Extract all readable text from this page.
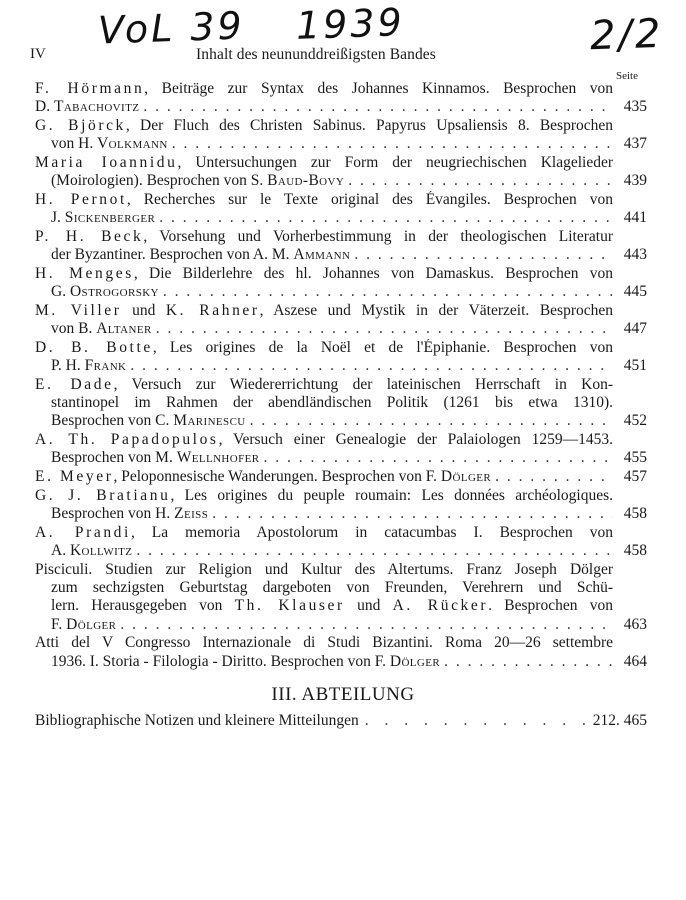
VoL 39 1939	2/2
IV	Inhalt des neununddreißigsten Bandes
Seite
F. Hörmann, Beiträge zur Syntax des Johannes Kinnamos. Besprochen von
D. Tabachovitz . . .	435
G. Björck, Der Fluch des Christen Sabinus. Papyrus Upsaliensis 8. Besprochen
von H. Volkmann . . .	437
Maria Ioannidu, Untersuchungen zur Form der neugriechischen Klagelieder
(Moirologien). Besprochen von S. Baud-Bovy . . .	439
H. Pernot, Recherches sur le Texte original des Évangiles. Besprochen von
J. Sickenberger . . .	441
P. H. Beck, Vorsehung und Vorherbestimmung in der theologischen Literatur
der Byzantiner. Besprochen von A. M. Ammann . . .	443
H. Menges, Die Bilderlehre des hl. Johannes von Damaskus. Besprochen von
G. Ostrogorsky . . .	445
M. Viller und K. Rahner, Aszese und Mystik in der Väterzeit. Besprochen
von B. Altaner . . .	447
D. B. Botte, Les origines de la Noël et de l'Épiphanie. Besprochen von
P. H. Frank . . .	451
E. Dade, Versuch zur Wiedererrichtung der lateinischen Herrschaft in Kon-
stantinopel im Rahmen der abendländischen Politik (1261 bis etwa 1310).
Besprochen von C. Marinescu . . .	452
A. Th. Papadopulos, Versuch einer Genealogie der Palaiologen 1259—1453.
Besprochen von M. Wellnhofer . . .	455
E. Meyer, Peloponnesische Wanderungen. Besprochen von F. Dölger . . .	457
G. J. Bratianu, Les origines du peuple roumain: Les données archéologiques.
Besprochen von H. Zeiss . . .	458
A. Prandi, La memoria Apostolorum in catacumbas I. Besprochen von
A. Kollwitz . . .	458
Pisciculi. Studien zur Religion und Kultur des Altertums. Franz Joseph Dölger
zum sechzigsten Geburtstag dargeboten von Freunden, Verehrern und Schü-
lern. Herausgegeben von Th. Klauser und A. Rücker. Besprochen von
F. Dölger . . .	463
Atti del V Congresso Internazionale di Studi Bizantini. Roma 20—26 settembre
1936. I. Storia - Filologia - Diritto. Besprochen von F. Dölger . . .	464
III. ABTEILUNG
Bibliographische Notizen und kleinere Mitteilungen . . .	212. 465
